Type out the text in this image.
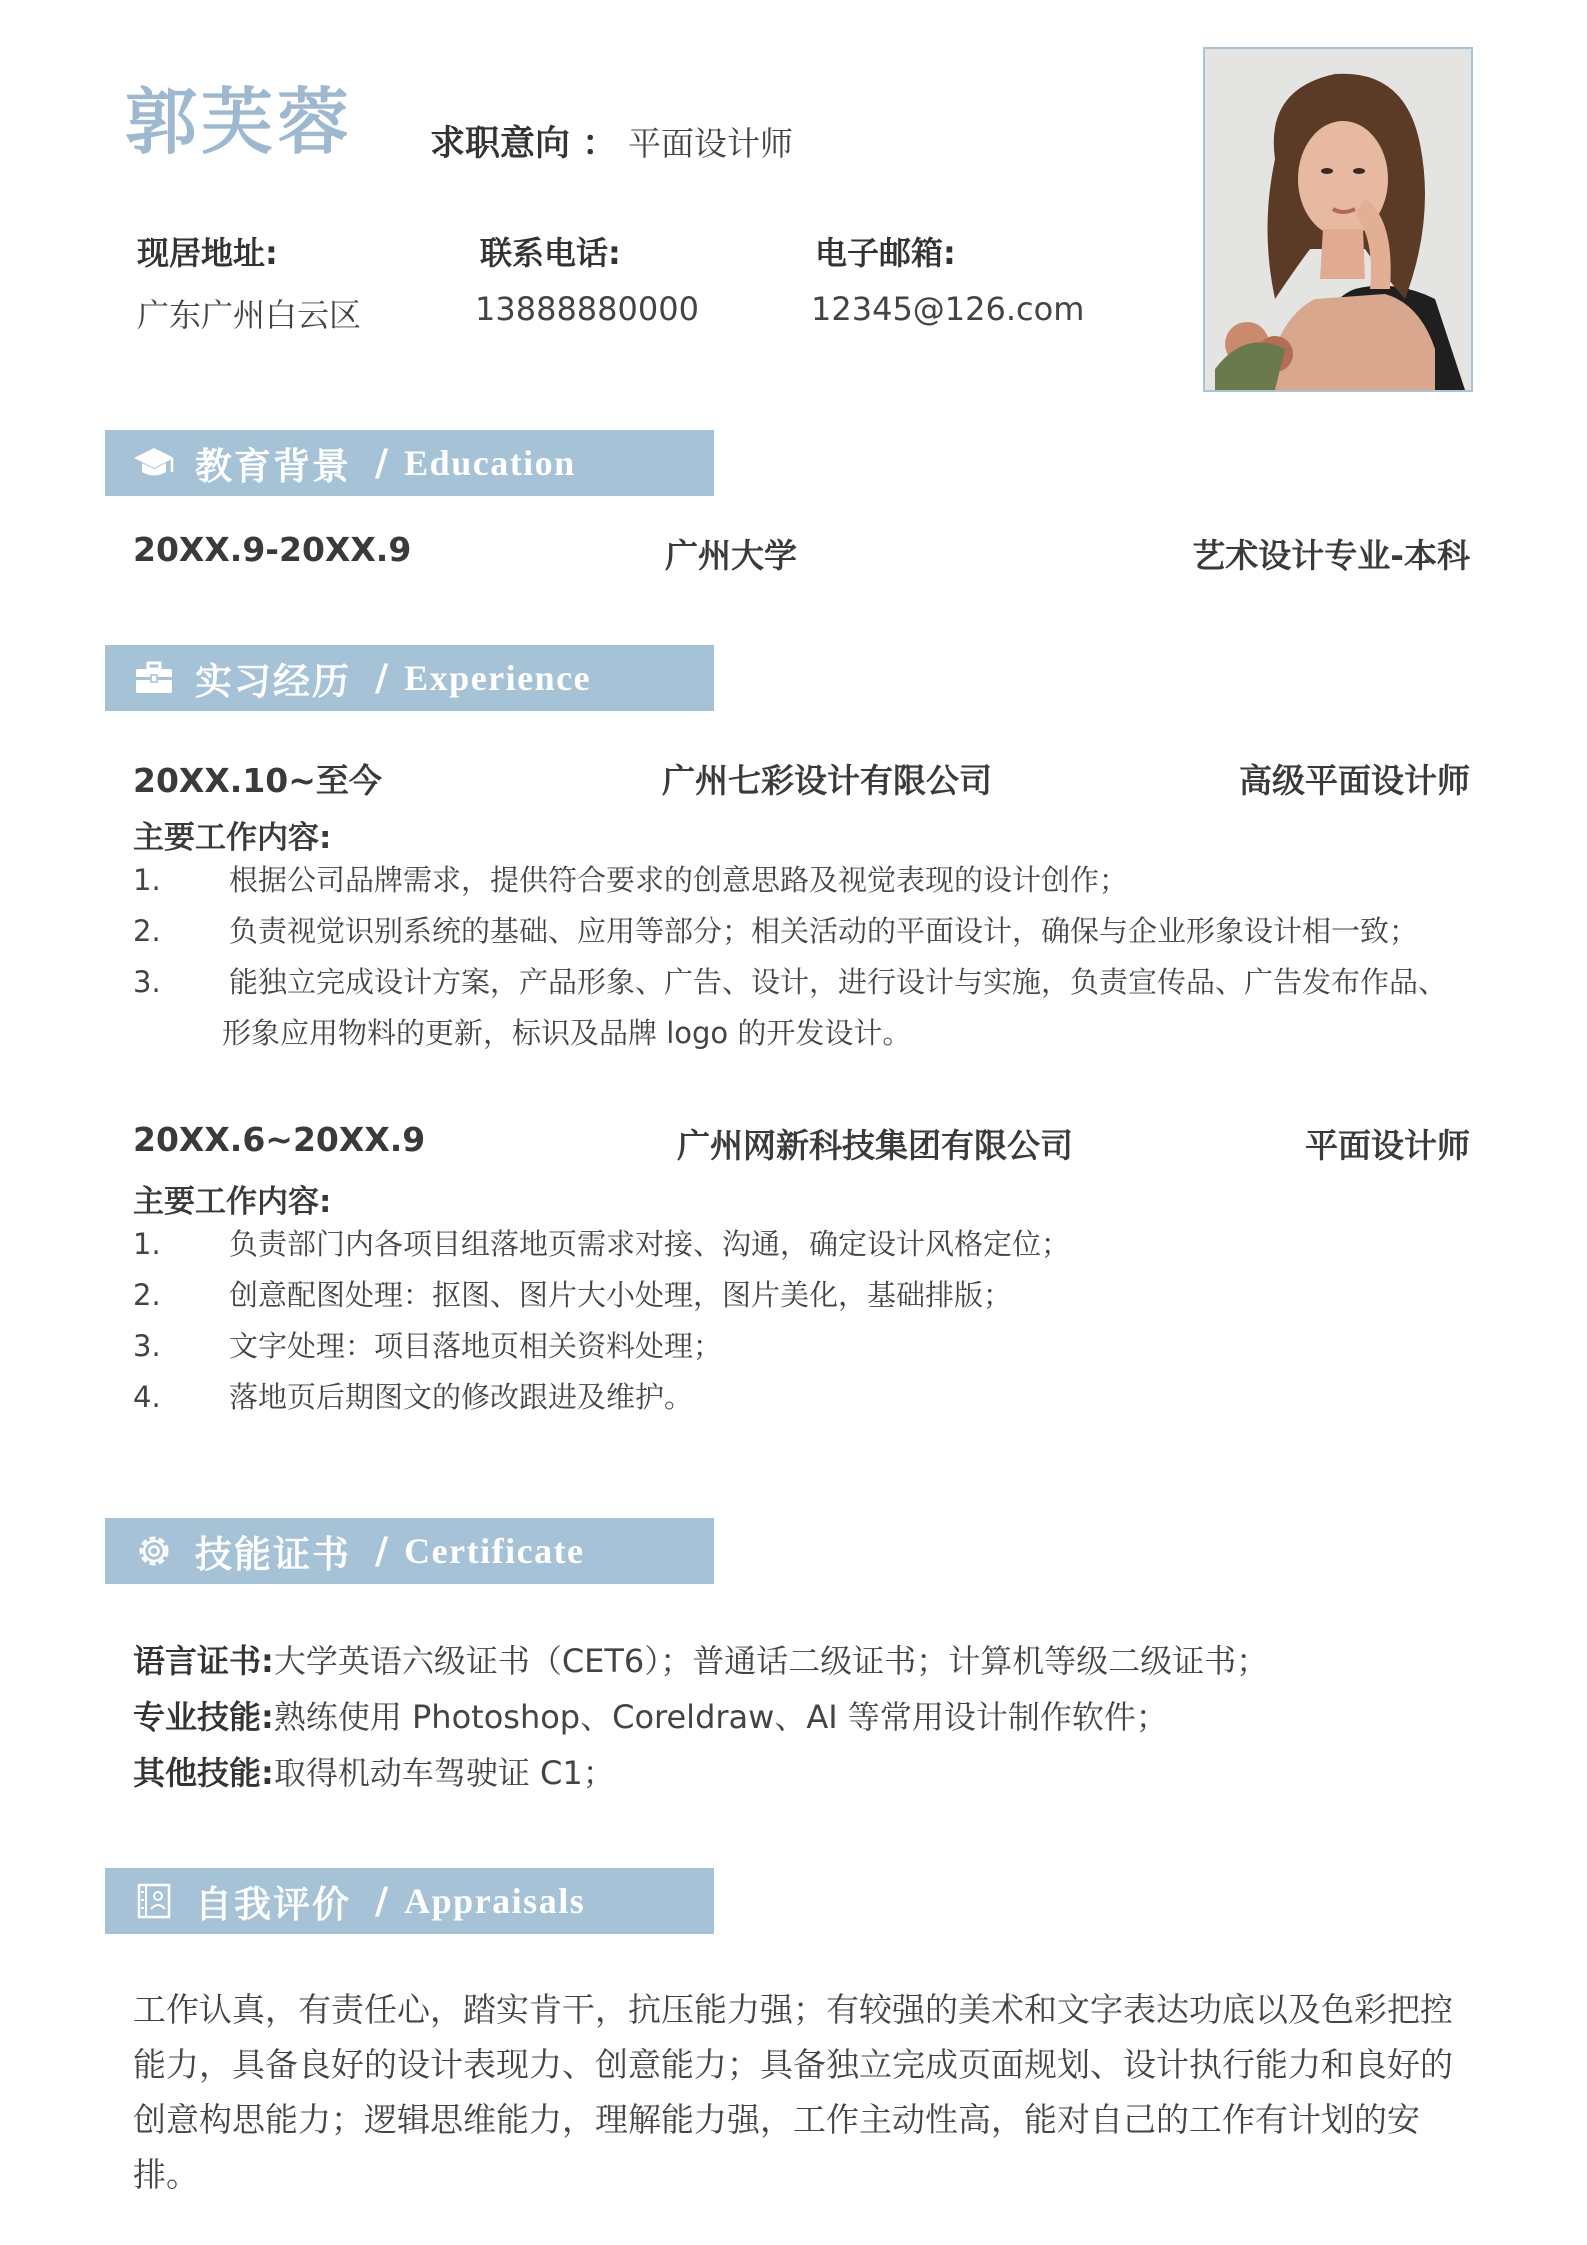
郭芙蓉 求职意向 ： 平面设计师
现居地址:	联系电话:	电子邮箱:
广东广州白云区	13888880000	12345@126.com
教育背景 / Education
20XX.9-20XX.9	广州大学	艺术设计专业-本科
实习经历 / Experience
20XX.10~至今	广州七彩设计有限公司	高级平面设计师
主要工作内容:
1. 根据公司品牌需求，提供符合要求的创意思路及视觉表现的设计创作；
2. 负责视觉识别系统的基础、应用等部分；相关活动的平面设计，确保与企业形象设计相一致；
3. 能独立完成设计方案，产品形象、广告、设计，进行设计与实施，负责宣传品、广告发布作品、
形象应用物料的更新，标识及品牌 logo 的开发设计。
20XX.6~20XX.9	广州网新科技集团有限公司	平面设计师
主要工作内容:
1. 负责部门内各项目组落地页需求对接、沟通，确定设计风格定位；
2. 创意配图处理：抠图、图片大小处理，图片美化，基础排版；
3. 文字处理：项目落地页相关资料处理；
4. 落地页后期图文的修改跟进及维护。
技能证书 / Certificate
语言证书:大学英语六级证书（CET6）；普通话二级证书；计算机等级二级证书；
专业技能:熟练使用 Photoshop、Coreldraw、AI 等常用设计制作软件；
其他技能:取得机动车驾驶证 C1；
自我评价 / Appraisals
工作认真，有责任心，踏实肯干，抗压能力强；有较强的美术和文字表达功底以及色彩把控能力，具备良好的设计表现力、创意能力；具备独立完成页面规划、设计执行能力和良好的创意构思能力；逻辑思维能力，理解能力强，工作主动性高，能对自己的工作有计划的安排。
